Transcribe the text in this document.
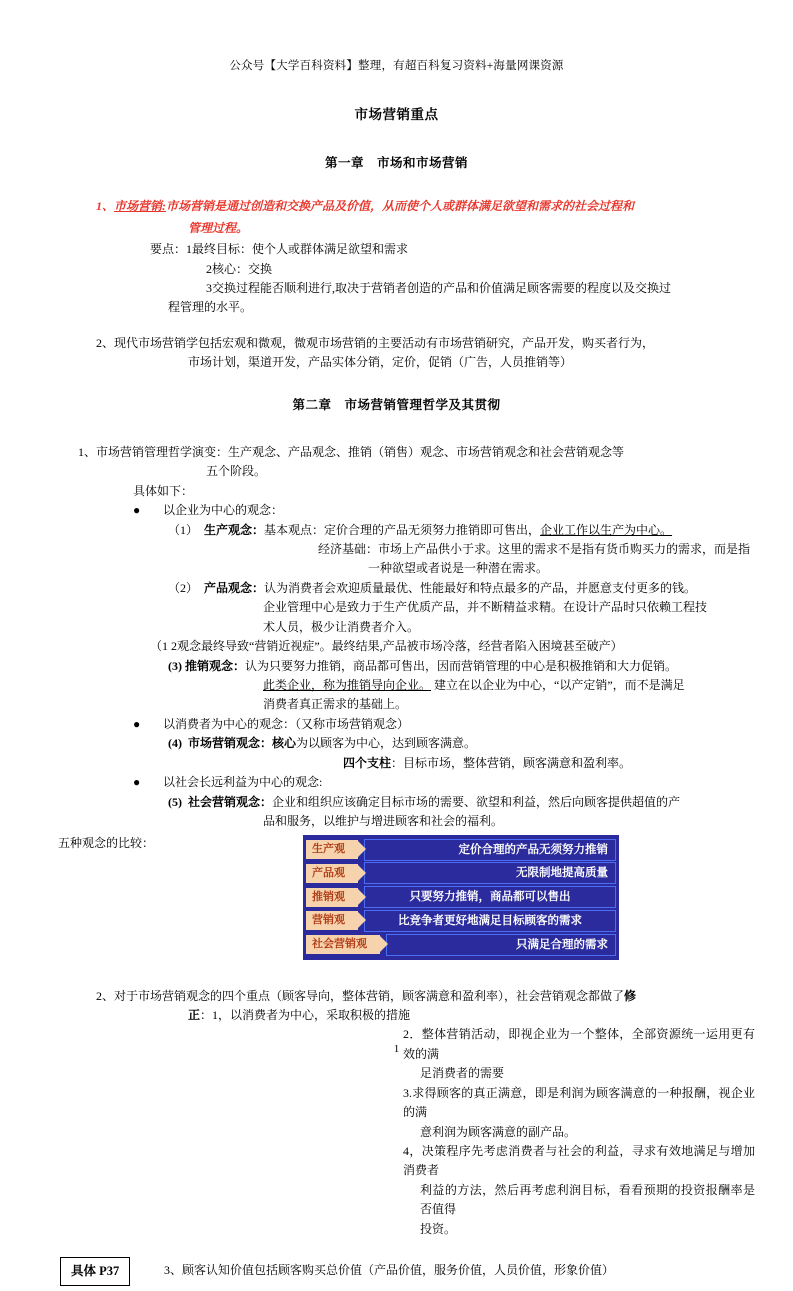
公众号【大学百科资料】整理，有超百科复习资料+海量网课资源
市场营销重点
第一章　市场和市场营销
1、市场营销:市场营销是通过创造和交换产品及价值，从而使个人或群体满足欲望和需求的社会过程和
管理过程。
要点：1最终目标：使个人或群体满足欲望和需求
2核心：交换
3交换过程能否顺利进行,取决于营销者创造的产品和价值满足顾客需要的程度以及交换过
程管理的水平。
2、现代市场营销学包括宏观和微观，微观市场营销的主要活动有市场营销研究，产品开发，购买者行为，
市场计划，渠道开发，产品实体分销，定价，促销（广告，人员推销等）
第二章　市场营销管理哲学及其贯彻
1、市场营销管理哲学演变：生产观念、产品观念、推销（销售）观念、市场营销观念和社会营销观念等
五个阶段。
具体如下：
● 以企业为中心的观念：
（1） 生产观念：基本观点：定价合理的产品无须努力推销即可售出，企业工作以生产为中心。
经济基础：市场上产品供小于求。这里的需求不是指有货币购买力的需求，而是指
一种欲望或者说是一种潜在需求。
（2） 产品观念：认为消费者会欢迎质量最优、性能最好和特点最多的产品，并愿意支付更多的钱。
企业管理中心是致力于生产优质产品，并不断精益求精。在设计产品时只依赖工程技
术人员，极少让消费者介入。
（1 2观念最终导致“营销近视症”。最终结果,产品被市场冷落，经营者陷入困境甚至破产）
(3) 推销观念：认为只要努力推销，商品都可售出，因而营销管理的中心是积极推销和大力促销。
此类企业，称为推销导向企业。 建立在以企业为中心，“以产定销”，而不是满足
消费者真正需求的基础上。
● 以消费者为中心的观念：（又称市场营销观念）
(4) 市场营销观念：核心为以顾客为中心，达到顾客满意。
四个支柱：目标市场，整体营销，顾客满意和盈利率。
● 以社会长远利益为中心的观念:
(5) 社会营销观念：企业和组织应该确定目标市场的需要、欲望和利益，然后向顾客提供超值的产
品和服务，以维护与增进顾客和社会的福利。
五种观念的比较：	生产观	定价合理的产品无须努力推销
产品观	无限制地提高质量
推销观	只要努力推销，商品都可以售出
营销观	比竞争者更好地满足目标顾客的需求
社会营销观	只满足合理的需求
2、对于市场营销观念的四个重点（顾客导向，整体营销，顾客满意和盈利率），社会营销观念都做了修
正：1，以消费者为中心，采取积极的措施
2．整体营销活动，即视企业为一个整体，全部资源统一运用更有效的满
足消费者的需要
3.求得顾客的真正满意，即是利润为顾客满意的一种报酬，视企业的满
意利润为顾客满意的副产品。
4，决策程序先考虑消费者与社会的利益，寻求有效地满足与增加消费者
利益的方法，然后再考虑利润目标，看看预期的投资报酬率是否值得
投资。
具体 P37	3、顾客认知价值包括顾客购买总价值（产品价值，服务价值，人员价值，形象价值）
1
